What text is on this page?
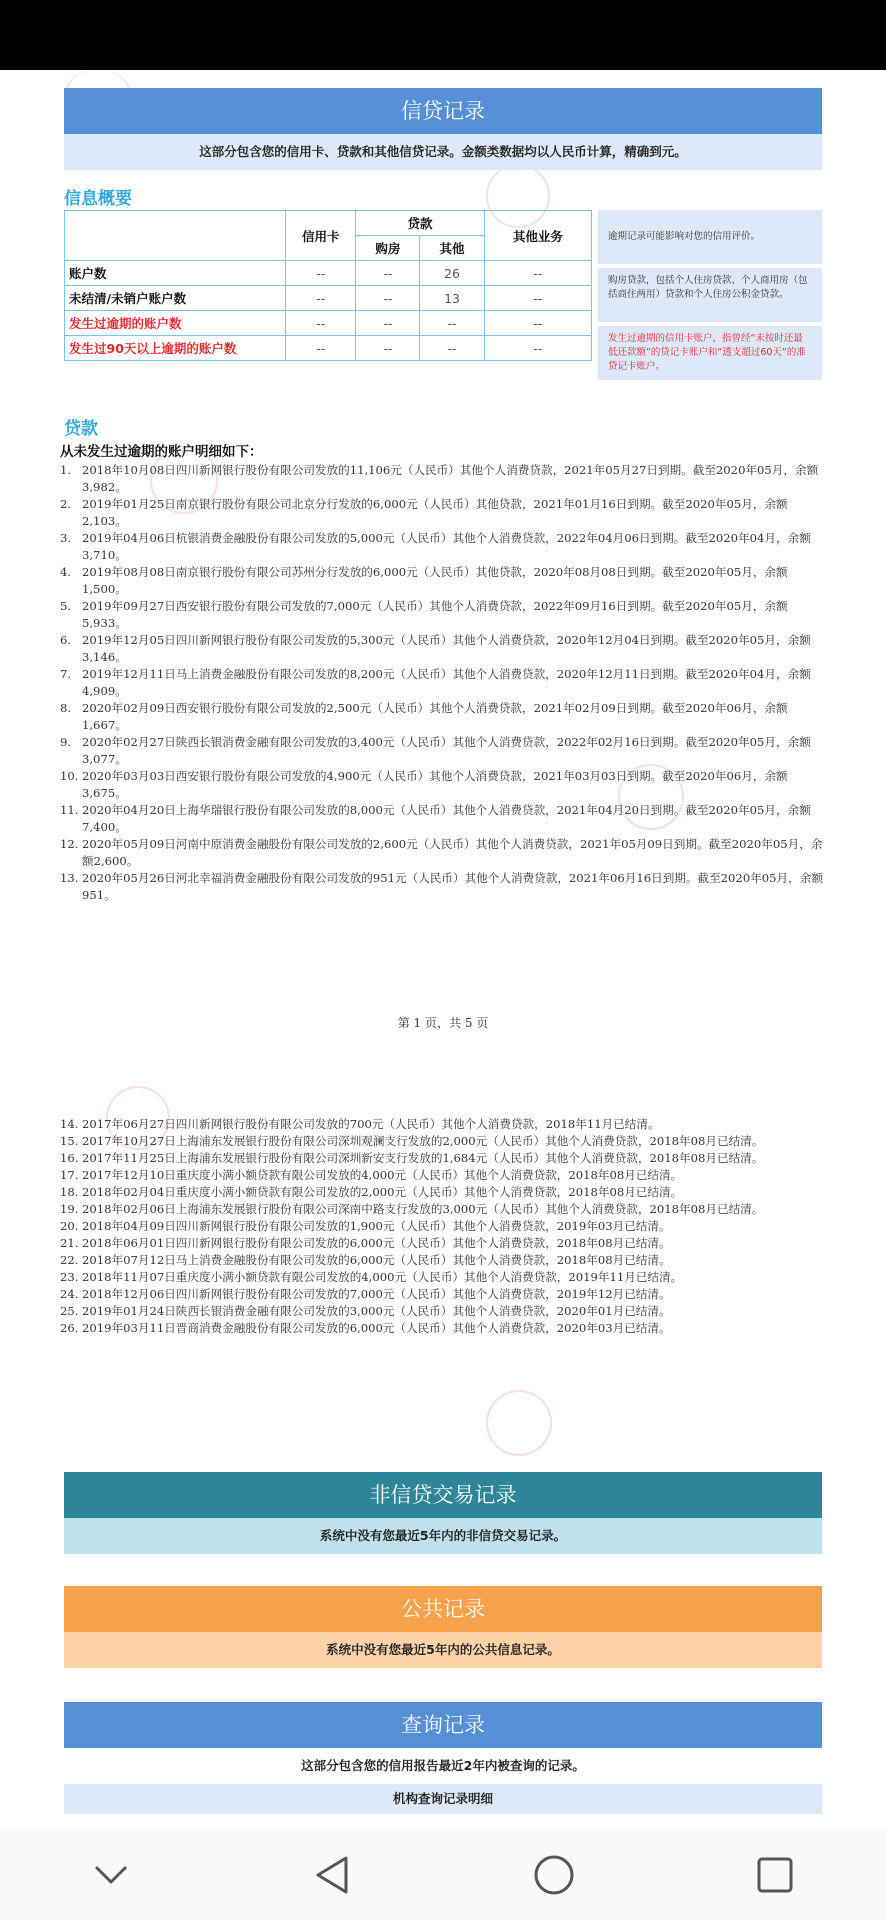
信贷记录
这部分包含您的信用卡、贷款和其他信贷记录。金额类数据均以人民币计算，精确到元。
信息概要
	信用卡	贷款		其他业务
		购房	其他	
账户数	--	--	26	--
未结清/未销户账户数	--	--	13	--
发生过逾期的账户数	--	--	--	--
发生过90天以上逾期的账户数	--	--	--	--
逾期记录可能影响对您的信用评价。
购房贷款，包括个人住房贷款、个人商用房（包括商住两用）贷款和个人住房公积金贷款。
发生过逾期的信用卡账户，指曾经“未按时还最低还款额”的贷记卡账户和“透支超过60天”的准贷记卡账户。
贷款
从未发生过逾期的账户明细如下：
1. 2018年10月08日四川新网银行股份有限公司发放的11,106元（人民币）其他个人消费贷款，2021年05月27日到期。截至2020年05月，余额3,982。
2. 2019年01月25日南京银行股份有限公司北京分行发放的6,000元（人民币）其他贷款，2021年01月16日到期。截至2020年05月，余额2,103。
3. 2019年04月06日杭银消费金融股份有限公司发放的5,000元（人民币）其他个人消费贷款，2022年04月06日到期。截至2020年04月，余额3,710。
4. 2019年08月08日南京银行股份有限公司苏州分行发放的6,000元（人民币）其他贷款，2020年08月08日到期。截至2020年05月，余额1,500。
5. 2019年09月27日西安银行股份有限公司发放的7,000元（人民币）其他个人消费贷款，2022年09月16日到期。截至2020年05月，余额5,933。
6. 2019年12月05日四川新网银行股份有限公司发放的5,300元（人民币）其他个人消费贷款，2020年12月04日到期。截至2020年05月，余额3,146。
7. 2019年12月11日马上消费金融股份有限公司发放的8,200元（人民币）其他个人消费贷款，2020年12月11日到期。截至2020年04月，余额4,909。
8. 2020年02月09日西安银行股份有限公司发放的2,500元（人民币）其他个人消费贷款，2021年02月09日到期。截至2020年06月，余额1,667。
9. 2020年02月27日陕西长银消费金融有限公司发放的3,400元（人民币）其他个人消费贷款，2022年02月16日到期。截至2020年05月，余额3,077。
10. 2020年03月03日西安银行股份有限公司发放的4,900元（人民币）其他个人消费贷款，2021年03月03日到期。截至2020年06月，余额3,675。
11. 2020年04月20日上海华瑞银行股份有限公司发放的8,000元（人民币）其他个人消费贷款，2021年04月20日到期。截至2020年05月，余额7,400。
12. 2020年05月09日河南中原消费金融股份有限公司发放的2,600元（人民币）其他个人消费贷款，2021年05月09日到期。截至2020年05月，余额2,600。
13. 2020年05月26日河北幸福消费金融股份有限公司发放的951元（人民币）其他个人消费贷款，2021年06月16日到期。截至2020年05月，余额951。
第 1 页，共 5 页
14. 2017年06月27日四川新网银行股份有限公司发放的700元（人民币）其他个人消费贷款，2018年11月已结清。
15. 2017年10月27日上海浦东发展银行股份有限公司深圳观澜支行发放的2,000元（人民币）其他个人消费贷款，2018年08月已结清。
16. 2017年11月25日上海浦东发展银行股份有限公司深圳新安支行发放的1,684元（人民币）其他个人消费贷款，2018年08月已结清。
17. 2017年12月10日重庆度小满小额贷款有限公司发放的4,000元（人民币）其他个人消费贷款，2018年08月已结清。
18. 2018年02月04日重庆度小满小额贷款有限公司发放的2,000元（人民币）其他个人消费贷款，2018年08月已结清。
19. 2018年02月06日上海浦东发展银行股份有限公司深南中路支行发放的3,000元（人民币）其他个人消费贷款，2018年08月已结清。
20. 2018年04月09日四川新网银行股份有限公司发放的1,900元（人民币）其他个人消费贷款，2019年03月已结清。
21. 2018年06月01日四川新网银行股份有限公司发放的6,000元（人民币）其他个人消费贷款，2018年08月已结清。
22. 2018年07月12日马上消费金融股份有限公司发放的6,000元（人民币）其他个人消费贷款，2018年08月已结清。
23. 2018年11月07日重庆度小满小额贷款有限公司发放的4,000元（人民币）其他个人消费贷款，2019年11月已结清。
24. 2018年12月06日四川新网银行股份有限公司发放的7,000元（人民币）其他个人消费贷款，2019年12月已结清。
25. 2019年01月24日陕西长银消费金融有限公司发放的3,000元（人民币）其他个人消费贷款，2020年01月已结清。
26. 2019年03月11日晋商消费金融股份有限公司发放的6,000元（人民币）其他个人消费贷款，2020年03月已结清。
非信贷交易记录
系统中没有您最近5年内的非信贷交易记录。
公共记录
系统中没有您最近5年内的公共信息记录。
查询记录
这部分包含您的信用报告最近2年内被查询的记录。
机构查询记录明细
